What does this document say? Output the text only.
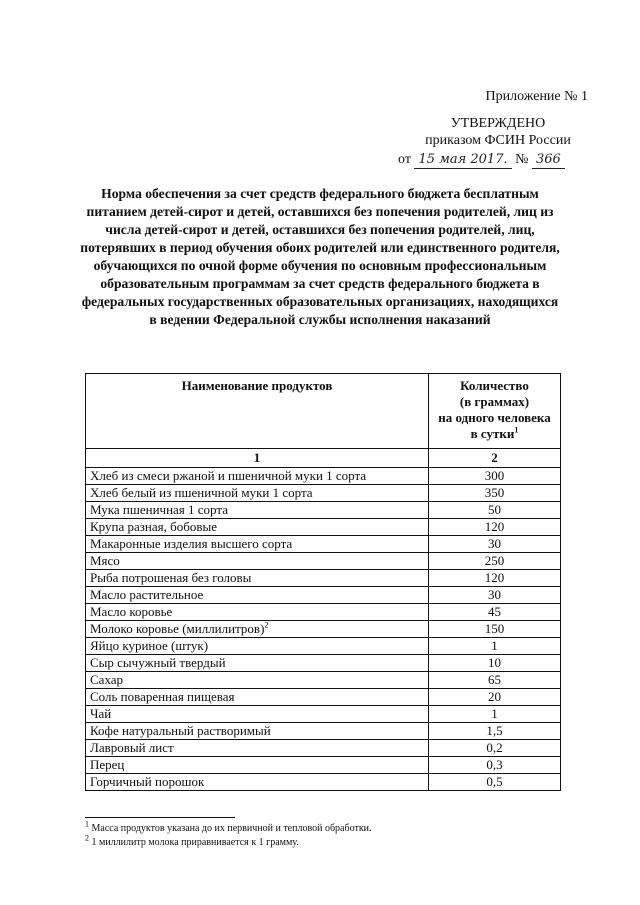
Приложение № 1
УТВЕРЖДЕНО
приказом ФСИН России
от 15 мая 2017. № 366
Норма обеспечения за счет средств федерального бюджета бесплатным питанием детей-сирот и детей, оставшихся без попечения родителей, лиц из числа детей-сирот и детей, оставшихся без попечения родителей, лиц, потерявших в период обучения обоих родителей или единственного родителя, обучающихся по очной форме обучения по основным профессиональным образовательным программам за счет средств федерального бюджета в федеральных государственных образовательных организациях, находящихся в ведении Федеральной службы исполнения наказаний
Наименование продуктов	Количество
(в граммах)
на одного человека
в сутки$^1$
1	2
Хлеб из смеси ржаной и пшеничной муки 1 сорта	300
Хлеб белый из пшеничной муки 1 сорта	350
Мука пшеничная 1 сорта	50
Крупа разная, бобовые	120
Макаронные изделия высшего сорта	30
Мясо	250
Рыба потрошеная без головы	120
Масло растительное	30
Масло коровье	45
Молоко коровье (миллилитров)$^2$	150
Яйцо куриное (штук)	1
Сыр сычужный твердый	10
Сахар	65
Соль поваренная пищевая	20
Чай	1
Кофе натуральный растворимый	1,5
Лавровый лист	0,2
Перец	0,3
Горчичный порошок	0,5
$^1$ Масса продуктов указана до их первичной и тепловой обработки.
$^2$ 1 миллилитр молока приравнивается к 1 грамму.
